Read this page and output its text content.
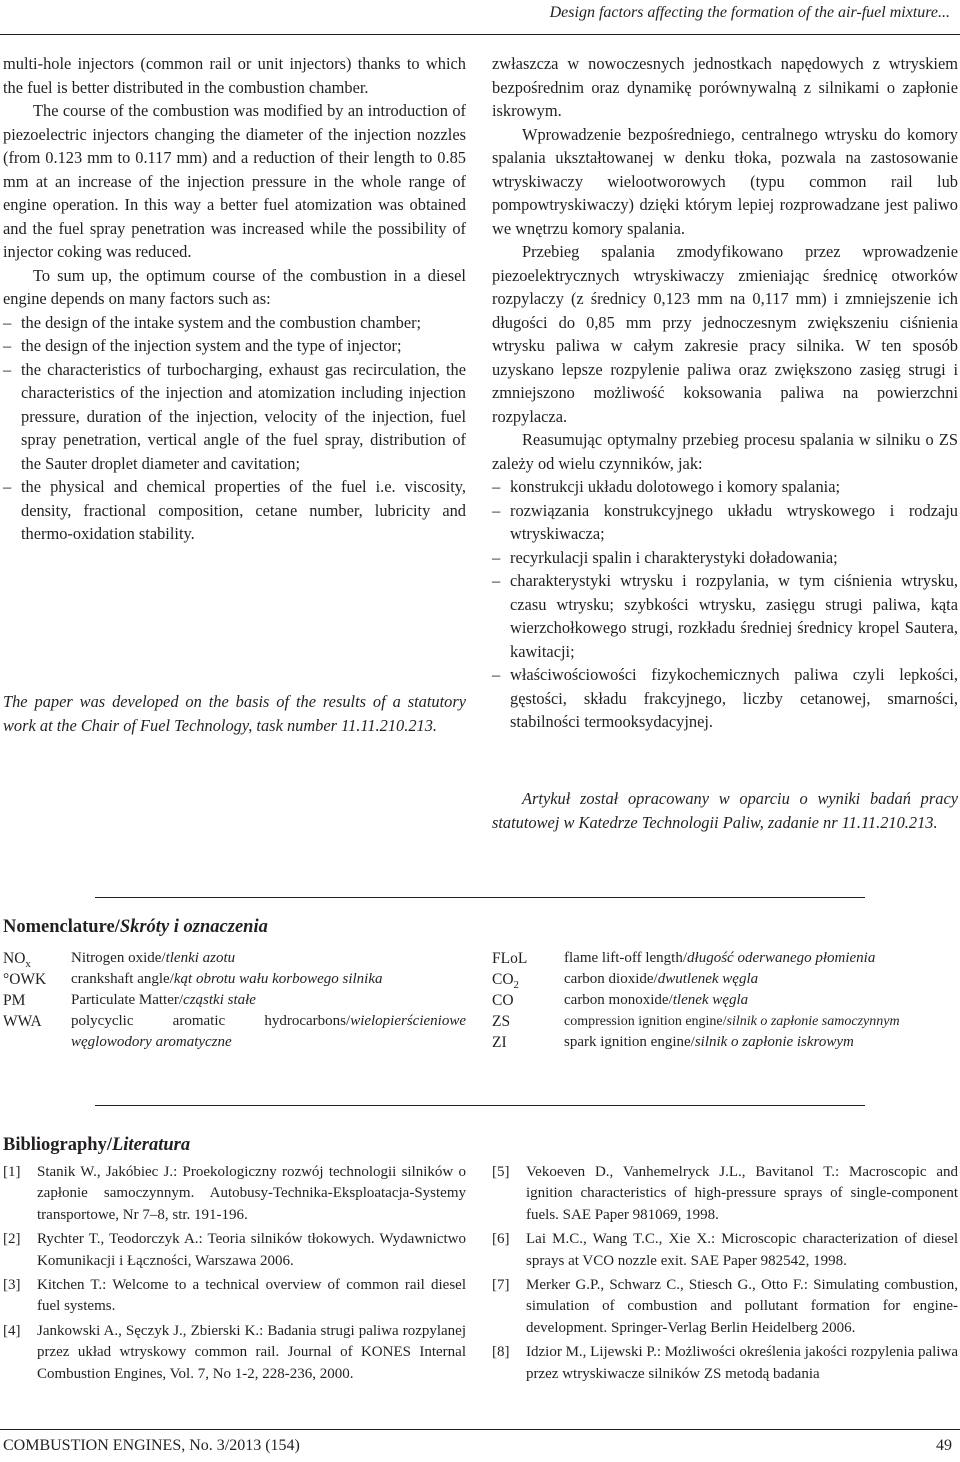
Design factors affecting the formation of the air-fuel mixture...

multi-hole injectors (common rail or unit injectors) thanks to which the fuel is better distributed in the combustion chamber.

The course of the combustion was modified by an introduction of piezoelectric injectors changing the diameter of the injection nozzles (from 0.123 mm to 0.117 mm) and a reduction of their length to 0.85 mm at an increase of the injection pressure in the whole range of engine operation. In this way a better fuel atomization was obtained and the fuel spray penetration was increased while the possibility of injector coking was reduced.

To sum up, the optimum course of the combustion in a diesel engine depends on many factors such as:

– the design of the intake system and the combustion chamber;
– the design of the injection system and the type of injector;
– the characteristics of turbocharging, exhaust gas recirculation, the characteristics of the injection and atomization including injection pressure, duration of the injection, velocity of the injection, fuel spray penetration, vertical angle of the fuel spray, distribution of the Sauter droplet diameter and cavitation;
– the physical and chemical properties of the fuel i.e. viscosity, density, fractional composition, cetane number, lubricity and thermo-oxidation stability.
The paper was developed on the basis of the results of a statutory work at the Chair of Fuel Technology, task number 11.11.210.213.

zwłaszcza w nowoczesnych jednostkach napędowych z wtryskiem bezpośrednim oraz dynamikę porównywalną z silnikami o zapłonie iskrowym.

Wprowadzenie bezpośredniego, centralnego wtrysku do komory spalania ukształtowanej w denku tłoka, pozwala na zastosowanie wtryskiwaczy wielootworowych (typu common rail lub pompowtryskiwaczy) dzięki którym lepiej rozprowadzane jest paliwo we wnętrzu komory spalania.

Przebieg spalania zmodyfikowano przez wprowadzenie piezoelektrycznych wtryskiwaczy zmieniając średnicę otworków rozpylaczy (z średnicy 0,123 mm na 0,117 mm) i zmniejszenie ich długości do 0,85 mm przy jednoczesnym zwiększeniu ciśnienia wtrysku paliwa w całym zakresie pracy silnika. W ten sposób uzyskano lepsze rozpylenie paliwa oraz zwiększono zasięg strugi i zmniejszono możliwość koksowania paliwa na powierzchni rozpylacza.

Reasumując optymalny przebieg procesu spalania w silniku o ZS zależy od wielu czynników, jak:

– konstrukcji układu dolotowego i komory spalania;
– rozwiązania konstrukcyjnego układu wtryskowego i rodzaju wtryskiwacza;
– recyrkulacji spalin i charakterystyki doładowania;
– charakterystyki wtrysku i rozpylania, w tym ciśnienia wtrysku, czasu wtrysku; szybkości wtrysku, zasięgu strugi paliwa, kąta wierzchołkowego strugi, rozkładu średniej średnicy kropel Sautera, kawitacji;
– właściwościowości fizykochemicznych paliwa czyli lepkości, gęstości, składu frakcyjnego, liczby cetanowej, smarności, stabilności termooksydacyjnej.
Artykuł został opracowany w oparciu o wyniki badań pracy statutowej w Katedrze Technologii Paliw, zadanie nr 11.11.210.213.
Nomenclature/Skróty i oznaczenia
$NO_x$	Nitrogen oxide/tlenki azotu
°OWK	crankshaft angle/kąt obrotu wału korbowego silnika
PM	Particulate Matter/cząstki stałe
WWA	polycyclic aromatic hydrocarbons/wielopierścieniowe węglowodory aromatyczne
FLoL	flame lift-off length/długość oderwanego płomienia
$CO_2$	carbon dioxide/dwutlenek węgla
CO	carbon monoxide/tlenek węgla
ZS	compression ignition engine/silnik o zapłonie samoczynnym
ZI	spark ignition engine/silnik o zapłonie iskrowym
Bibliography/Literatura
[1] Stanik W., Jakóbiec J.: Proekologiczny rozwój technologii silników o zapłonie samoczynnym. Autobusy-Technika-Eksploatacja-Systemy transportowe, Nr 7–8, str. 191-196.
[2] Rychter T., Teodorczyk A.: Teoria silników tłokowych. Wydawnictwo Komunikacji i Łączności, Warszawa 2006.
[3] Kitchen T.: Welcome to a technical overview of common rail diesel fuel systems.
[4] Jankowski A., Sęczyk J., Zbierski K.: Badania strugi paliwa rozpylanej przez układ wtryskowy common rail. Journal of KONES Internal Combustion Engines, Vol. 7, No 1-2, 228-236, 2000.
[5] Vekoeven D., Vanhemelryck J.L., Bavitanol T.: Macroscopic and ignition characteristics of high-pressure sprays of single-component fuels. SAE Paper 981069, 1998.
[6] Lai M.C., Wang T.C., Xie X.: Microscopic characterization of diesel sprays at VCO nozzle exit. SAE Paper 982542, 1998.
[7] Merker G.P., Schwarz C., Stiesch G., Otto F.: Simulating combustion, simulation of combustion and pollutant formation for engine-development. Springer-Verlag Berlin Heidelberg 2006.
[8] Idzior M., Lijewski P.: Możliwości określenia jakości rozpylenia paliwa przez wtryskiwacze silników ZS metodą badania
COMBUSTION ENGINES, No. 3/2013 (154)	49
